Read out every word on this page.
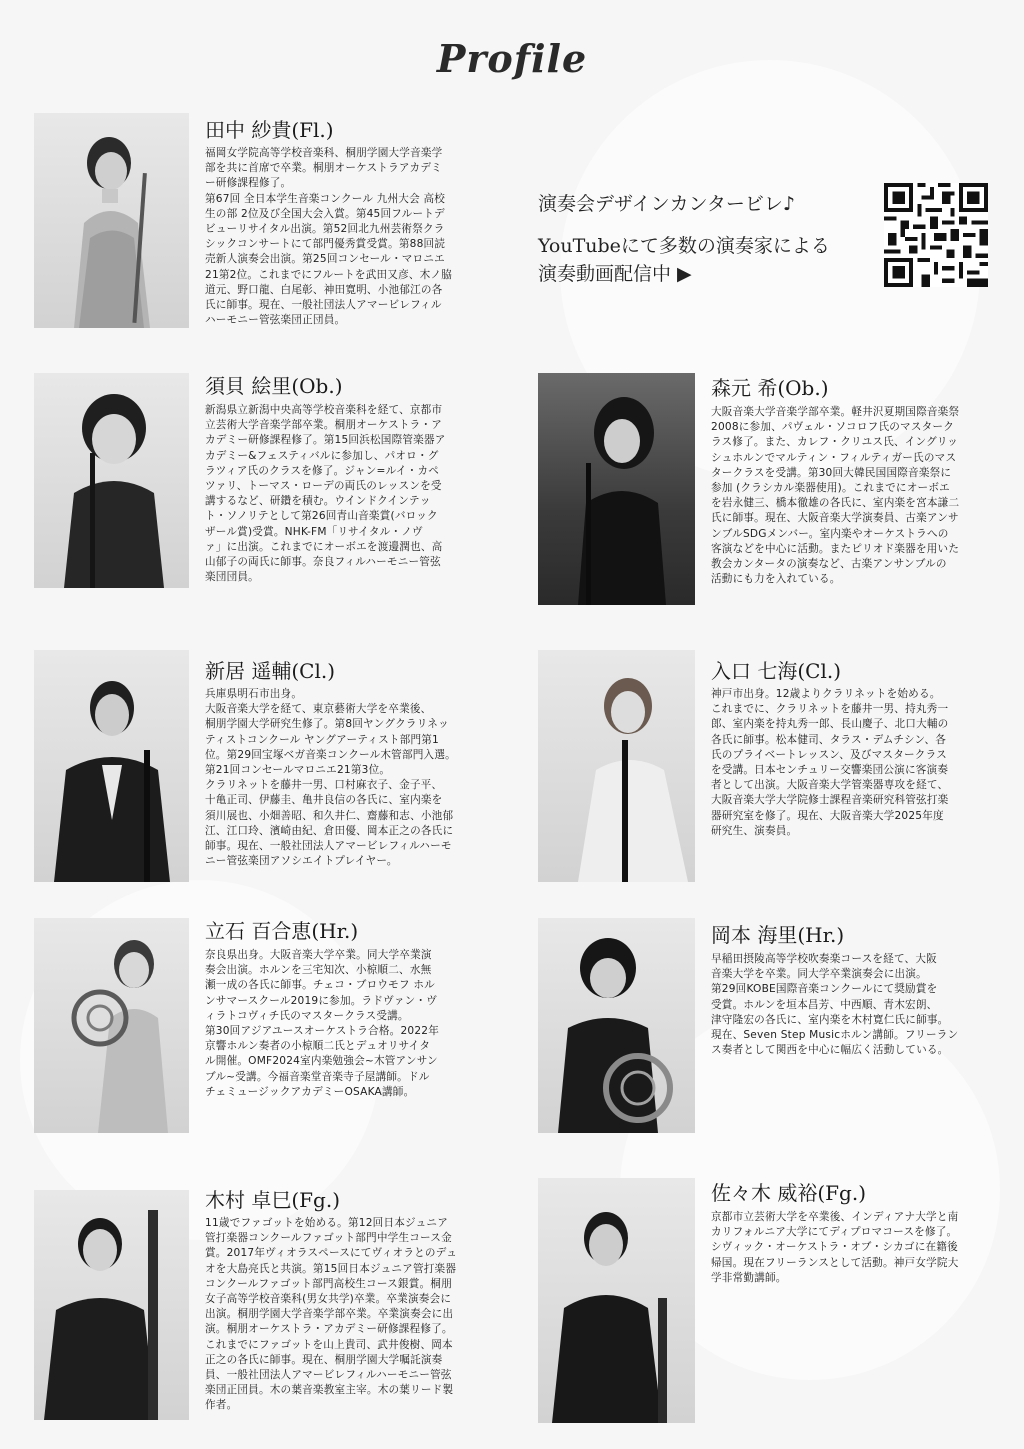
Profile
演奏会デザインカンタービレ♪
YouTubeにて多数の演奏家による
演奏動画配信中 ▶
田中 紗貴(Fl.)
福岡女学院高等学校音楽科、桐朋学園大学音楽学
部を共に首席で卒業。桐朋オーケストラアカデミ
ー研修課程修了。
第67回 全日本学生音楽コンクール 九州大会 高校
生の部 2位及び全国大会入賞。第45回フルートデ
ビューリサイタル出演。第52回北九州芸術祭クラ
シックコンサートにて部門優秀賞受賞。第88回読
売新人演奏会出演。第25回コンセール・マロニエ
21第2位。これまでにフルートを武田又彦、木ノ脇
道元、野口龍、白尾彰、神田寛明、小池郁江の各
氏に師事。現在、一般社団法人アマービレフィル
ハーモニー管弦楽団正団員。
須貝 絵里(Ob.)
新潟県立新潟中央高等学校音楽科を経て、京都市
立芸術大学音楽学部卒業。桐朋オーケストラ・ア
カデミー研修課程修了。第15回浜松国際管楽器ア
カデミー&フェスティバルに参加し、パオロ・グ
ラツィア氏のクラスを修了。ジャン=ルイ・カペ
ツァリ、トーマス・ローデの両氏のレッスンを受
講するなど、研鑽を積む。ウインドクインテッ
ト・ソノリテとして第26回青山音楽賞(バロック
ザール賞)受賞。NHK-FM「リサイタル・ノヴ
ァ」に出演。これまでにオーボエを渡邊潤也、高
山郁子の両氏に師事。奈良フィルハーモニー管弦
楽団団員。
森元 希(Ob.)
大阪音楽大学音楽学部卒業。軽井沢夏期国際音楽祭
2008に参加、パヴェル・ソコロフ氏のマスターク
ラス修了。また、カレフ・クリユス氏、イングリッ
シュホルンでマルティン・フィルティガー氏のマス
タークラスを受講。第30回大韓民国国際音楽祭に
参加 (クラシカル楽器使用)。これまでにオーボエ
を岩永健三、橋本徹雄の各氏に、室内楽を宮本謙二
氏に師事。現在、大阪音楽大学演奏員、古楽アンサ
ンブルSDGメンバー。室内楽やオーケストラへの
客演などを中心に活動。またピリオド楽器を用いた
教会カンタータの演奏など、古楽アンサンブルの
活動にも力を入れている。
新居 遥輔(Cl.)
兵庫県明石市出身。
大阪音楽大学を経て、東京藝術大学を卒業後、
桐朋学園大学研究生修了。第8回ヤングクラリネッ
ティストコンクール ヤングアーティスト部門第1
位。第29回宝塚ベガ音楽コンクール木管部門入選。
第21回コンセールマロニエ21第3位。
クラリネットを藤井一男、口村麻衣子、金子平、
十亀正司、伊藤圭、亀井良信の各氏に、室内楽を
須川展也、小畑善昭、和久井仁、齋藤和志、小池郁
江、江口玲、濱崎由紀、倉田優、岡本正之の各氏に
師事。現在、一般社団法人アマービレフィルハーモ
ニー管弦楽団アソシエイトプレイヤー。
入口 七海(Cl.)
神戸市出身。12歳よりクラリネットを始める。
これまでに、クラリネットを藤井一男、持丸秀一
郎、室内楽を持丸秀一郎、長山慶子、北口大輔の
各氏に師事。松本健司、タラス・デムチシン、各
氏のプライベートレッスン、及びマスタークラス
を受講。日本センチュリー交響楽団公演に客演奏
者として出演。大阪音楽大学管楽器専攻を経て、
大阪音楽大学大学院修士課程音楽研究科管弦打楽
器研究室を修了。現在、大阪音楽大学2025年度
研究生、演奏員。
立石 百合恵(Hr.)
奈良県出身。大阪音楽大学卒業。同大学卒業演
奏会出演。ホルンを三宅知次、小椋順二、水無
瀬一成の各氏に師事。チェコ・ブロウモフ ホル
ンサマースクール2019に参加。ラドヴァン・ヴ
ィラトコヴィチ氏のマスタークラス受講。
第30回アジアユースオーケストラ合格。2022年
京響ホルン奏者の小椋順二氏とデュオリサイタ
ル開催。OMF2024室内楽勉強会~木管アンサン
ブル~受講。今福音楽堂音楽寺子屋講師。ドル
チェミュージックアカデミーOSAKA講師。
岡本 海里(Hr.)
早稲田摂陵高等学校吹奏楽コースを経て、大阪
音楽大学を卒業。同大学卒業演奏会に出演。
第29回KOBE国際音楽コンクールにて奨励賞を
受賞。ホルンを垣本昌芳、中西順、青木宏朗、
津守隆宏の各氏に、室内楽を木村寛仁氏に師事。
現在、Seven Step Musicホルン講師。フリーラン
ス奏者として関西を中心に幅広く活動している。
木村 卓巳(Fg.)
11歳でファゴットを始める。第12回日本ジュニア
管打楽器コンクールファゴット部門中学生コース金
賞。2017年ヴィオラスペースにてヴィオラとのデュ
オを大島亮氏と共演。第15回日本ジュニア管打楽器
コンクールファゴット部門高校生コース銀賞。桐朋
女子高等学校音楽科(男女共学)卒業。卒業演奏会に
出演。桐朋学園大学音楽学部卒業。卒業演奏会に出
演。桐朋オーケストラ・アカデミー研修課程修了。
これまでにファゴットを山上貴司、武井俊樹、岡本
正之の各氏に師事。現在、桐朋学園大学嘱託演奏
員、一般社団法人アマービレフィルハーモニー管弦
楽団正団員。木の葉音楽教室主宰。木の葉リード製
作者。
佐々木 威裕(Fg.)
京都市立芸術大学を卒業後、インディアナ大学と南
カリフォルニア大学にてディプロマコースを修了。
シヴィック・オーケストラ・オブ・シカゴに在籍後
帰国。現在フリーランスとして活動。神戸女学院大
学非常勤講師。
